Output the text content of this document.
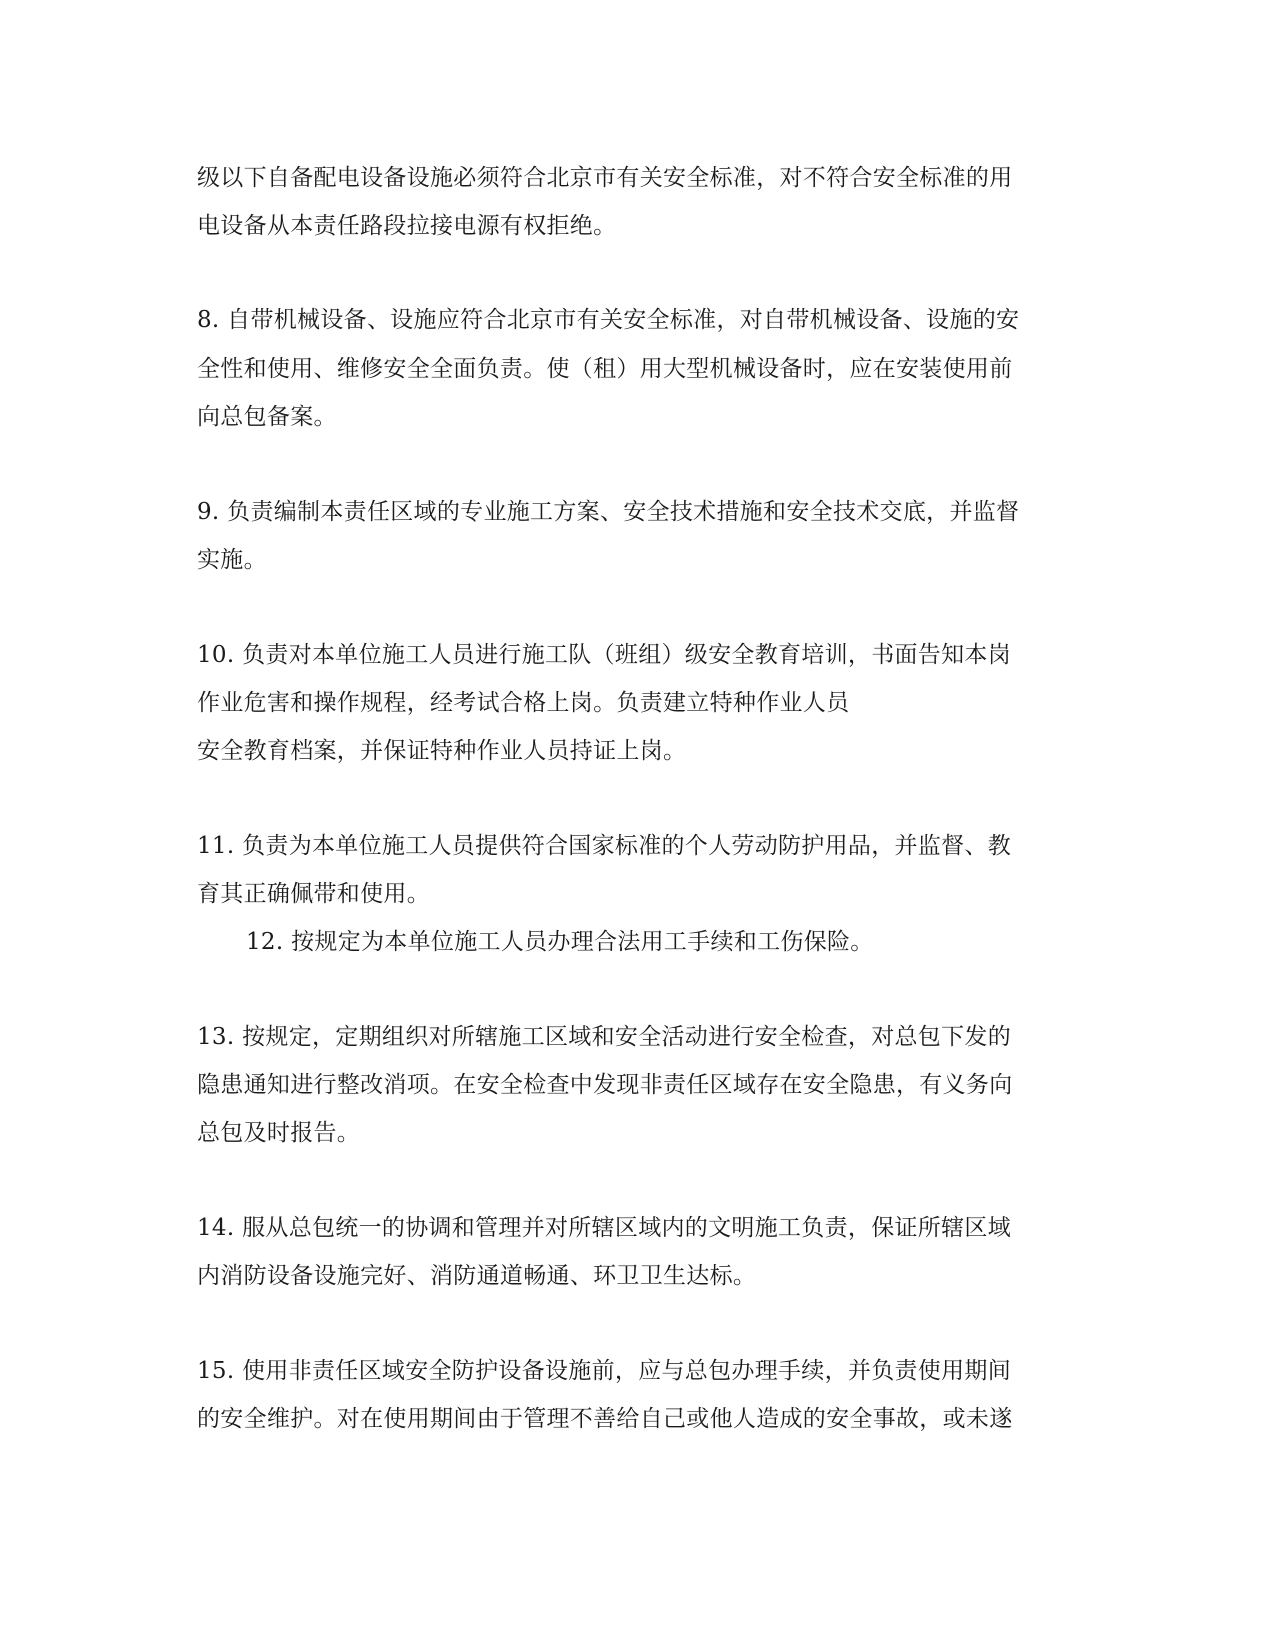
级以下自备配电设备设施必须符合北京市有关安全标准，对不符合安全标准的用
电设备从本责任路段拉接电源有权拒绝。
8. 自带机械设备、设施应符合北京市有关安全标准，对自带机械设备、设施的安
全性和使用、维修安全全面负责。使（租）用大型机械设备时，应在安装使用前
向总包备案。
9. 负责编制本责任区域的专业施工方案、安全技术措施和安全技术交底，并监督
实施。
10. 负责对本单位施工人员进行施工队（班组）级安全教育培训，书面告知本岗
作业危害和操作规程，经考试合格上岗。负责建立特种作业人员
安全教育档案，并保证特种作业人员持证上岗。
11. 负责为本单位施工人员提供符合国家标准的个人劳动防护用品，并监督、教
育其正确佩带和使用。
12. 按规定为本单位施工人员办理合法用工手续和工伤保险。
13. 按规定，定期组织对所辖施工区域和安全活动进行安全检查，对总包下发的
隐患通知进行整改消项。在安全检查中发现非责任区域存在安全隐患，有义务向
总包及时报告。
14. 服从总包统一的协调和管理并对所辖区域内的文明施工负责，保证所辖区域
内消防设备设施完好、消防通道畅通、环卫卫生达标。
15. 使用非责任区域安全防护设备设施前，应与总包办理手续，并负责使用期间
的安全维护。对在使用期间由于管理不善给自己或他人造成的安全事故，或未遂
